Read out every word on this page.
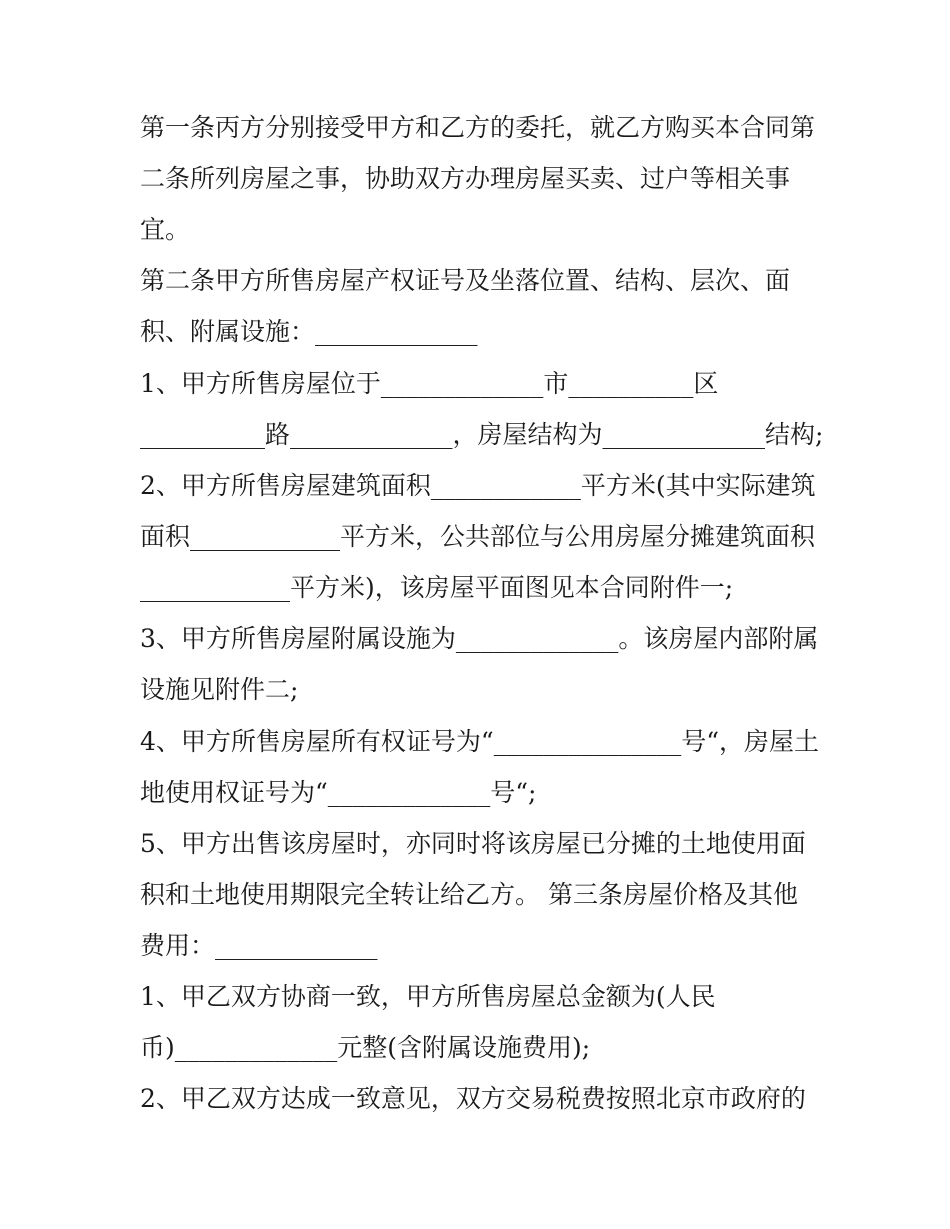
第一条丙方分别接受甲方和乙方的委托，就乙方购买本合同第
二条所列房屋之事，协助双方办理房屋买卖、过户等相关事
宜。
第二条甲方所售房屋产权证号及坐落位置、结构、层次、面
积、附属设施：_____________
1、甲方所售房屋位于_____________市__________区
__________路_____________，房屋结构为_____________结构;
2、甲方所售房屋建筑面积____________平方米(其中实际建筑
面积____________平方米，公共部位与公用房屋分摊建筑面积
____________平方米)，该房屋平面图见本合同附件一;
3、甲方所售房屋附属设施为_____________。该房屋内部附属
设施见附件二;
4、甲方所售房屋所有权证号为“_______________号“，房屋土
地使用权证号为“_____________号“;
5、甲方出售该房屋时，亦同时将该房屋已分摊的土地使用面
积和土地使用期限完全转让给乙方。 第三条房屋价格及其他
费用：_____________
1、甲乙双方协商一致，甲方所售房屋总金额为(人民
币)_____________元整(含附属设施费用);
2、甲乙双方达成一致意见，双方交易税费按照北京市政府的
